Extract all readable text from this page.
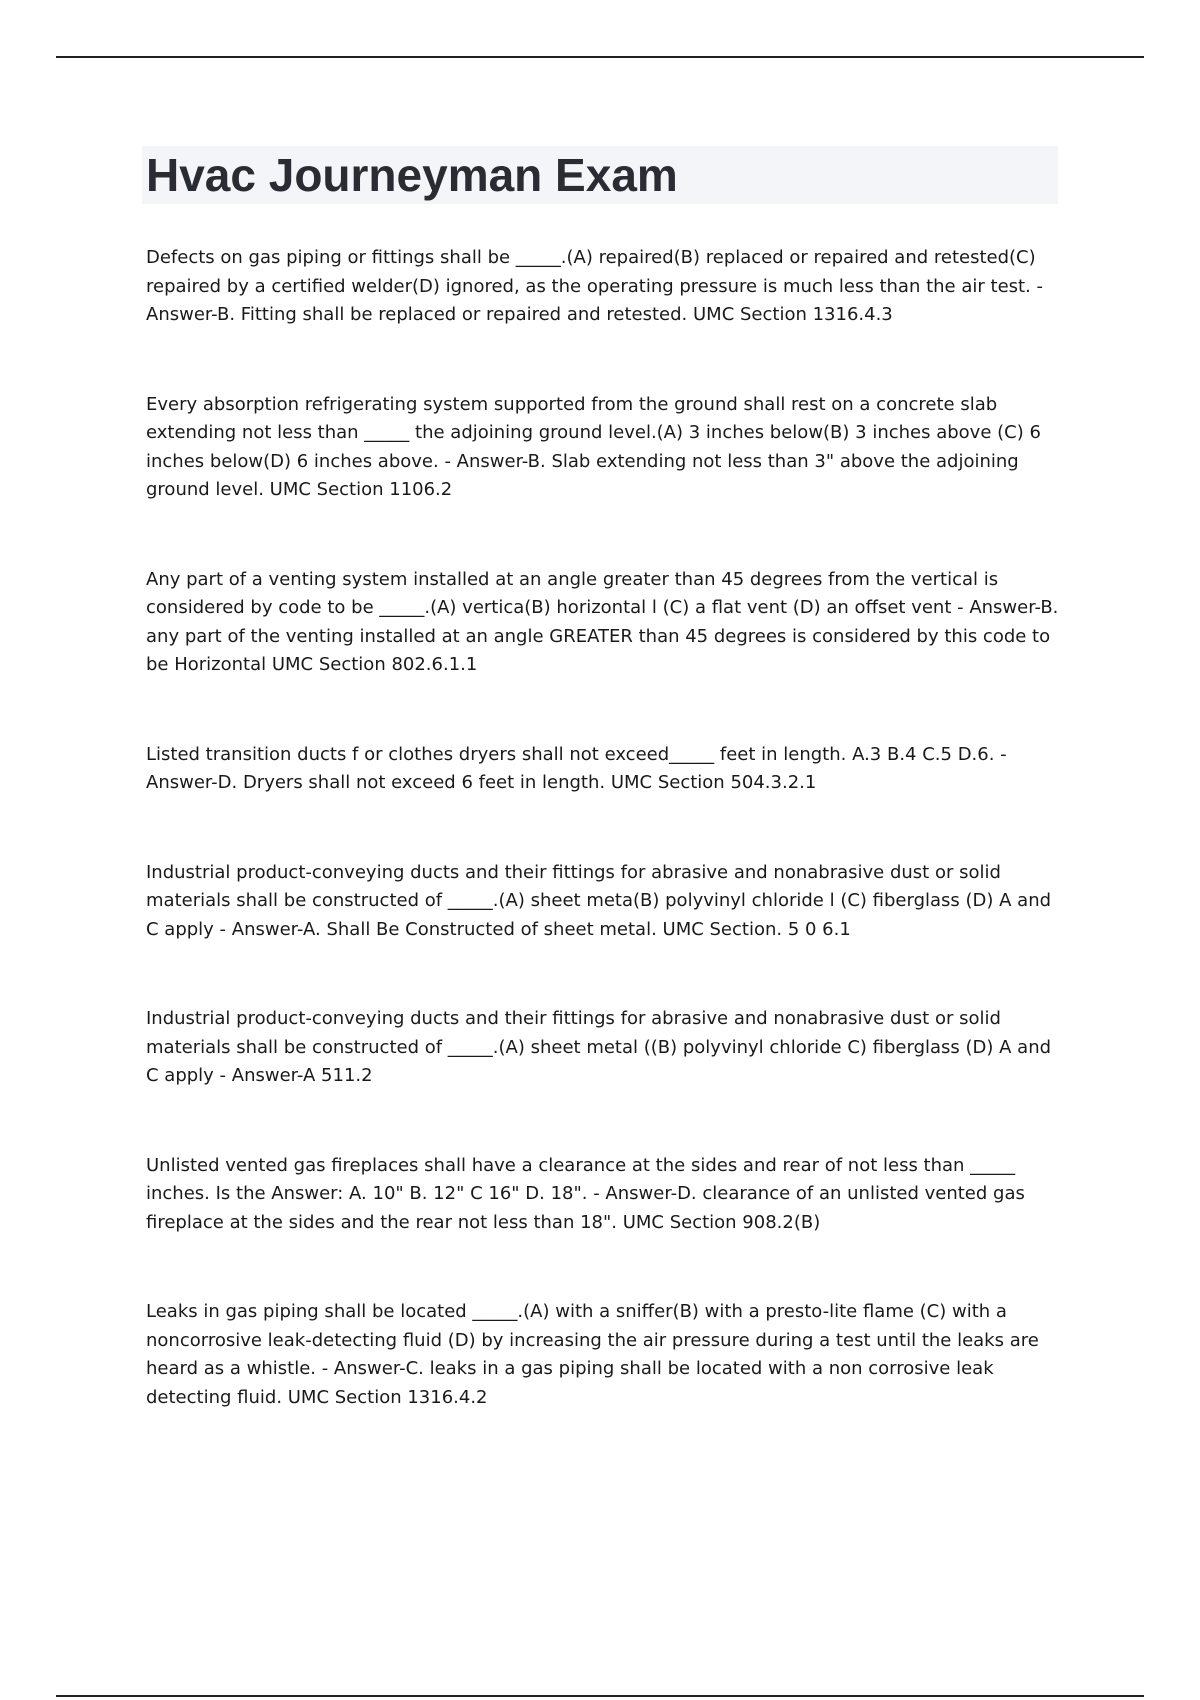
Hvac Journeyman Exam

Defects on gas piping or fittings shall be _____.(A) repaired(B) replaced or repaired and retested(C) repaired by a certified welder(D) ignored, as the operating pressure is much less than the air test. - Answer-B. Fitting shall be replaced or repaired and retested. UMC Section 1316.4.3

Every absorption refrigerating system supported from the ground shall rest on a concrete slab extending not less than _____ the adjoining ground level.(A) 3 inches below(B) 3 inches above (C) 6 inches below(D) 6 inches above. - Answer-B. Slab extending not less than 3" above the adjoining ground level. UMC Section 1106.2

Any part of a venting system installed at an angle greater than 45 degrees from the vertical is considered by code to be _____.(A) vertica(B) horizontal l (C) a flat vent (D) an offset vent - Answer-B. any part of the venting installed at an angle GREATER than 45 degrees is considered by this code to be Horizontal UMC Section 802.6.1.1

Listed transition ducts f or clothes dryers shall not exceed_____ feet in length. A.3 B.4 C.5 D.6. - Answer-D. Dryers shall not exceed 6 feet in length. UMC Section 504.3.2.1

Industrial product-conveying ducts and their fittings for abrasive and nonabrasive dust or solid materials shall be constructed of _____.(A) sheet meta(B) polyvinyl chloride l (C) fiberglass (D) A and C apply - Answer-A. Shall Be Constructed of sheet metal. UMC Section. 5 0 6.1

Industrial product-conveying ducts and their fittings for abrasive and nonabrasive dust or solid materials shall be constructed of _____.(A) sheet metal ((B) polyvinyl chloride C) fiberglass (D) A and C apply - Answer-A 511.2

Unlisted vented gas fireplaces shall have a clearance at the sides and rear of not less than _____ inches. Is the Answer: A. 10" B. 12" C 16" D. 18". - Answer-D. clearance of an unlisted vented gas fireplace at the sides and the rear not less than 18". UMC Section 908.2(B)

Leaks in gas piping shall be located _____.(A) with a sniffer(B) with a presto-lite flame (C) with a noncorrosive leak-detecting fluid (D) by increasing the air pressure during a test until the leaks are heard as a whistle. - Answer-C. leaks in a gas piping shall be located with a non corrosive leak detecting fluid. UMC Section 1316.4.2
